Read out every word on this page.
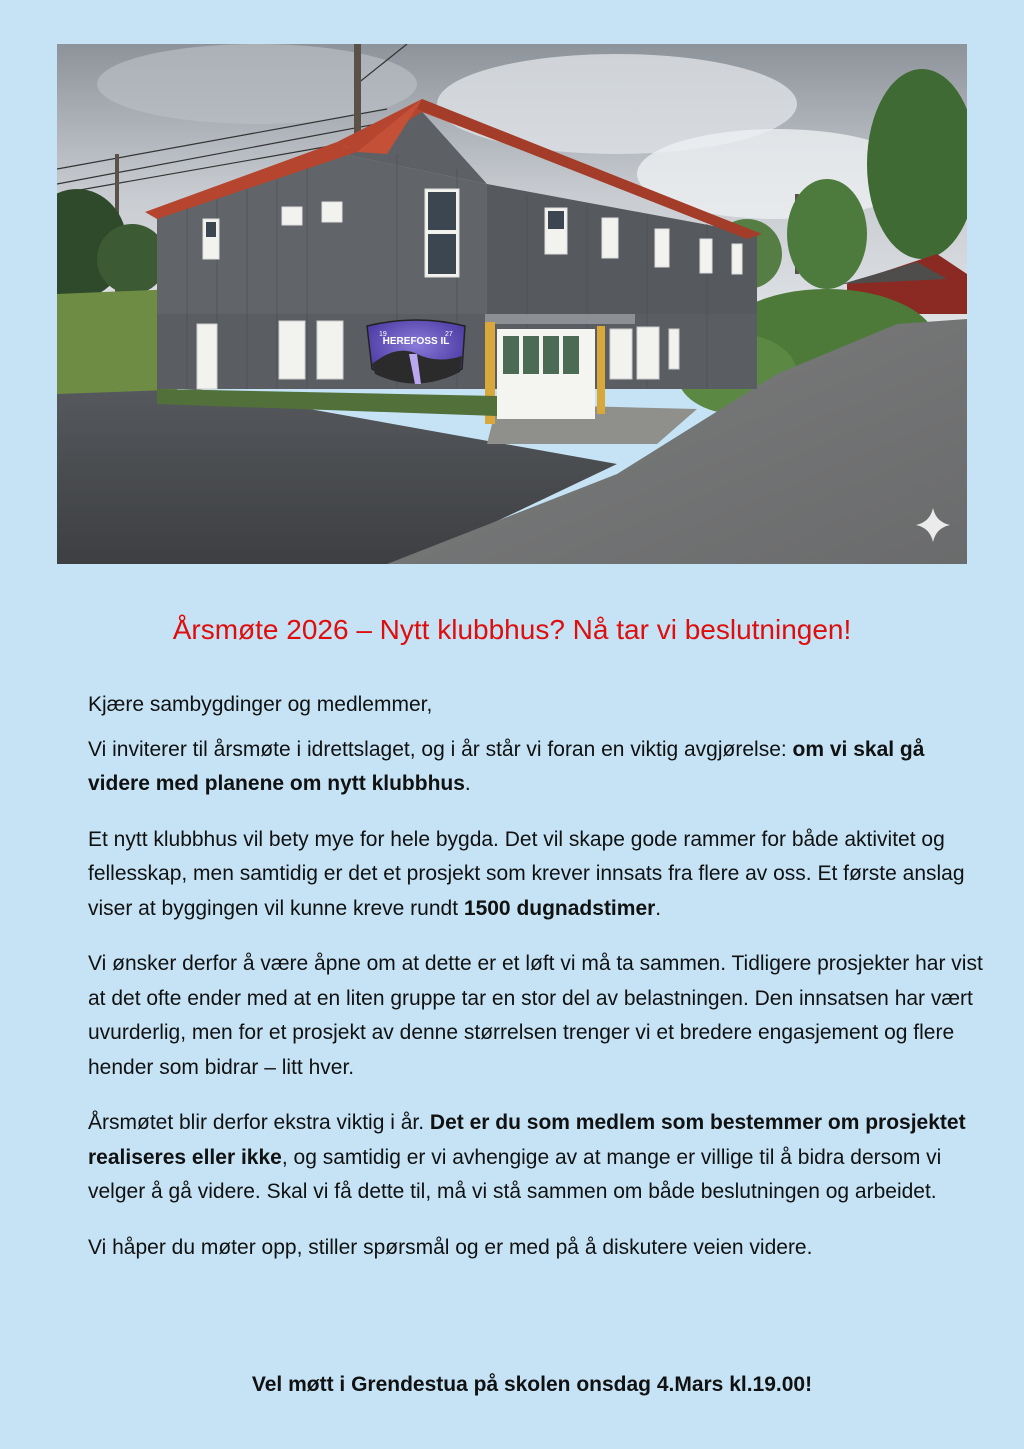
HEREFOSS IL
19	27
Årsmøte 2026 – Nytt klubbhus? Nå tar vi beslutningen!

Kjære sambygdinger og medlemmer,

Vi inviterer til årsmøte i idrettslaget, og i år står vi foran en viktig avgjørelse: om vi skal gå videre med planene om nytt klubbhus.

Et nytt klubbhus vil bety mye for hele bygda. Det vil skape gode rammer for både aktivitet og fellesskap, men samtidig er det et prosjekt som krever innsats fra flere av oss. Et første anslag viser at byggingen vil kunne kreve rundt 1500 dugnadstimer.

Vi ønsker derfor å være åpne om at dette er et løft vi må ta sammen. Tidligere prosjekter har vist at det ofte ender med at en liten gruppe tar en stor del av belastningen. Den innsatsen har vært uvurderlig, men for et prosjekt av denne størrelsen trenger vi et bredere engasjement og flere hender som bidrar – litt hver.

Årsmøtet blir derfor ekstra viktig i år. Det er du som medlem som bestemmer om prosjektet realiseres eller ikke, og samtidig er vi avhengige av at mange er villige til å bidra dersom vi velger å gå videre. Skal vi få dette til, må vi stå sammen om både beslutningen og arbeidet.

Vi håper du møter opp, stiller spørsmål og er med på å diskutere veien videre.

Vel møtt i Grendestua på skolen onsdag 4.Mars kl.19.00!
